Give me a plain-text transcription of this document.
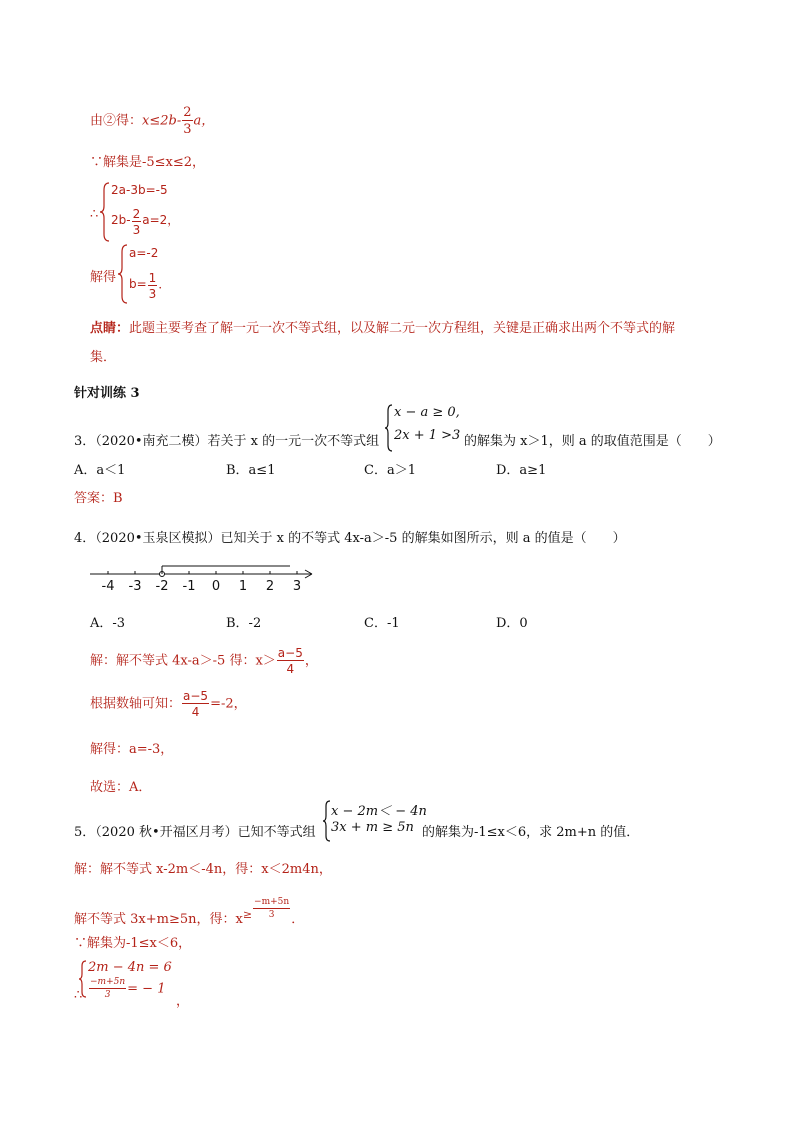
由②得：$x\le 2b- \frac{2}{3}$ a，
∵解集是-5≤x≤2，
∴
2a-3b=-5
$2b- \frac{2}{3} a=2$，
解得
a=-2
$b= \frac{1}{3}$ ．
点睛：此题主要考查了解一元一次不等式组，以及解二元一次方程组，关键是正确求出两个不等式的解
集．
针对训练 3
3．（2020•南充二模）若关于 x 的一元一次不等式组
x − a ≥ 0,
2x + 1 >3 的解集为 x＞1，则 a 的取值范围是（　　）
A．a＜1	B．a≤1	C．a＞1	D．a≥1
答案：B
4．（2020•玉泉区模拟）已知关于 x 的不等式 4x-a＞-5 的解集如图所示，则 a 的值是（　　）
-4 -3 -2 -1 0 1 2 3
A．-3	B．-2	C．-1	D．0
解：解不等式 4x-a＞-5 得：$x> \frac{a-5}{4}$ ，
根据数轴可知： $\frac{a-5}{4} =-2$，
解得：a=-3，
故选：A．
5．（2020 秋•开福区月考）已知不等式组
x − 2m＜ − 4n
3x + m ≥ 5n 的解集为-1≤x＜6，求 2m+n 的值．
解：解不等式 x-2m＜-4n，得：x＜2m4n，
解不等式 3x+m≥5n，得：$x^\ge \frac{-m+5n}{3}$ ．
∵解集为-1≤x＜6，
∴
2m − 4n = 6
$\frac{-m+5n}{3}$ = − 1
，
